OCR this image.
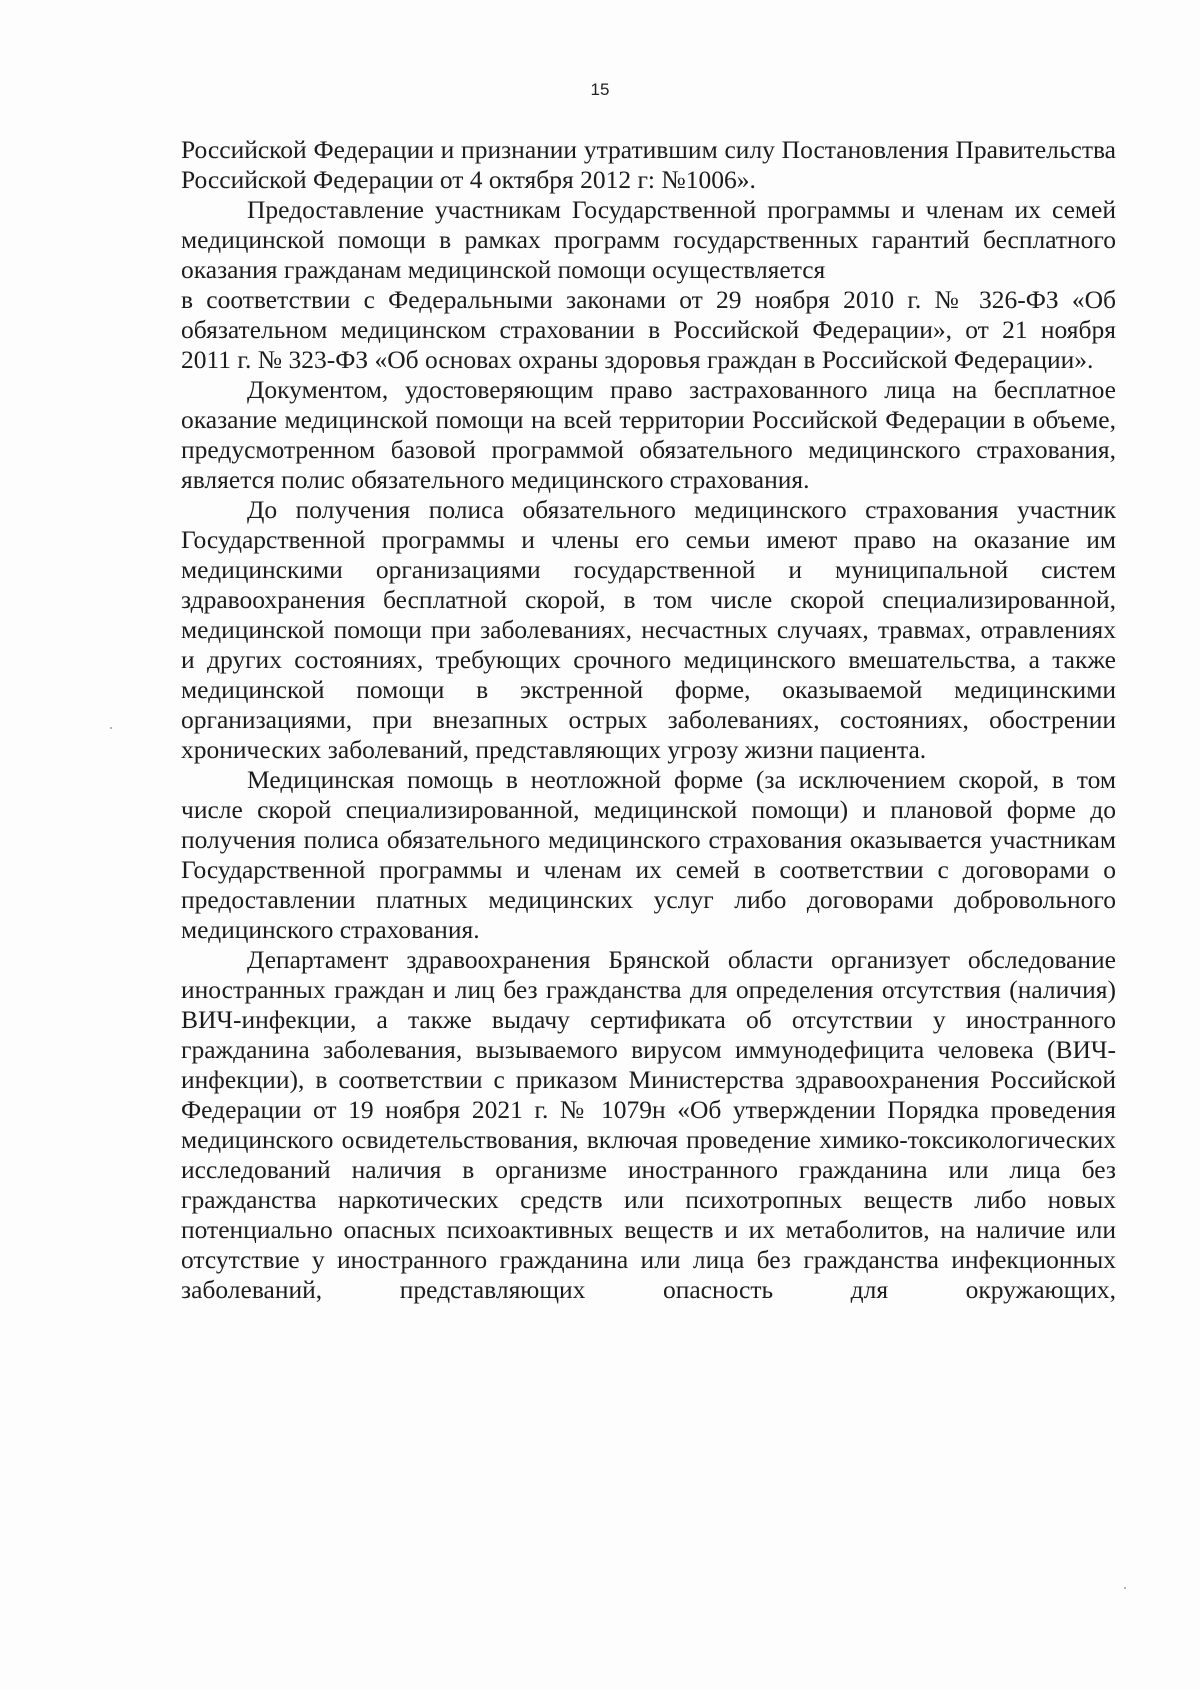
15

Российской Федерации и признании утратившим силу Постановления Правительства Российской Федерации от 4 октября 2012 г: №1006».

Предоставление участникам Государственной программы и членам их семей медицинской помощи в рамках программ государственных гарантий бесплатного оказания гражданам медицинской помощи осуществляется

в соответствии с Федеральными законами от 29 ноября 2010 г. № 326-ФЗ «Об обязательном медицинском страховании в Российской Федерации», от 21 ноября 2011 г. № 323-ФЗ «Об основах охраны здоровья граждан в Российской Федерации».

Документом, удостоверяющим право застрахованного лица на бесплатное оказание медицинской помощи на всей территории Российской Федерации в объеме, предусмотренном базовой программой обязательного медицинского страхования, является полис обязательного медицинского страхования.

До получения полиса обязательного медицинского страхования участник Государственной программы и члены его семьи имеют право на оказание им медицинскими организациями государственной и муниципальной систем здравоохранения бесплатной скорой, в том числе скорой специализированной, медицинской помощи при заболеваниях, несчастных случаях, травмах, отравлениях и других состояниях, требующих срочного медицинского вмешательства, а также медицинской помощи в экстренной форме, оказываемой медицинскими организациями, при внезапных острых заболеваниях, состояниях, обострении хронических заболеваний, представляющих угрозу жизни пациента.

Медицинская помощь в неотложной форме (за исключением скорой, в том числе скорой специализированной, медицинской помощи) и плановой форме до получения полиса обязательного медицинского страхования оказывается участникам Государственной программы и членам их семей в соответствии с договорами о предоставлении платных медицинских услуг либо договорами добровольного медицинского страхования.

Департамент здравоохранения Брянской области организует обследование иностранных граждан и лиц без гражданства для определения отсутствия (наличия) ВИЧ-инфекции, а также выдачу сертификата об отсутствии у иностранного гражданина заболевания, вызываемого вирусом иммунодефицита человека (ВИЧ-инфекции), в соответствии с приказом Министерства здравоохранения Российской Федерации от 19 ноября 2021 г. № 1079н «Об утверждении Порядка проведения медицинского освидетельствования, включая проведение химико-токсикологических исследований наличия в организме иностранного гражданина или лица без гражданства наркотических средств или психотропных веществ либо новых потенциально опасных психоактивных веществ и их метаболитов, на наличие или отсутствие у иностранного гражданина или лица без гражданства инфекционных заболеваний, представляющих опасность для окружающих,
